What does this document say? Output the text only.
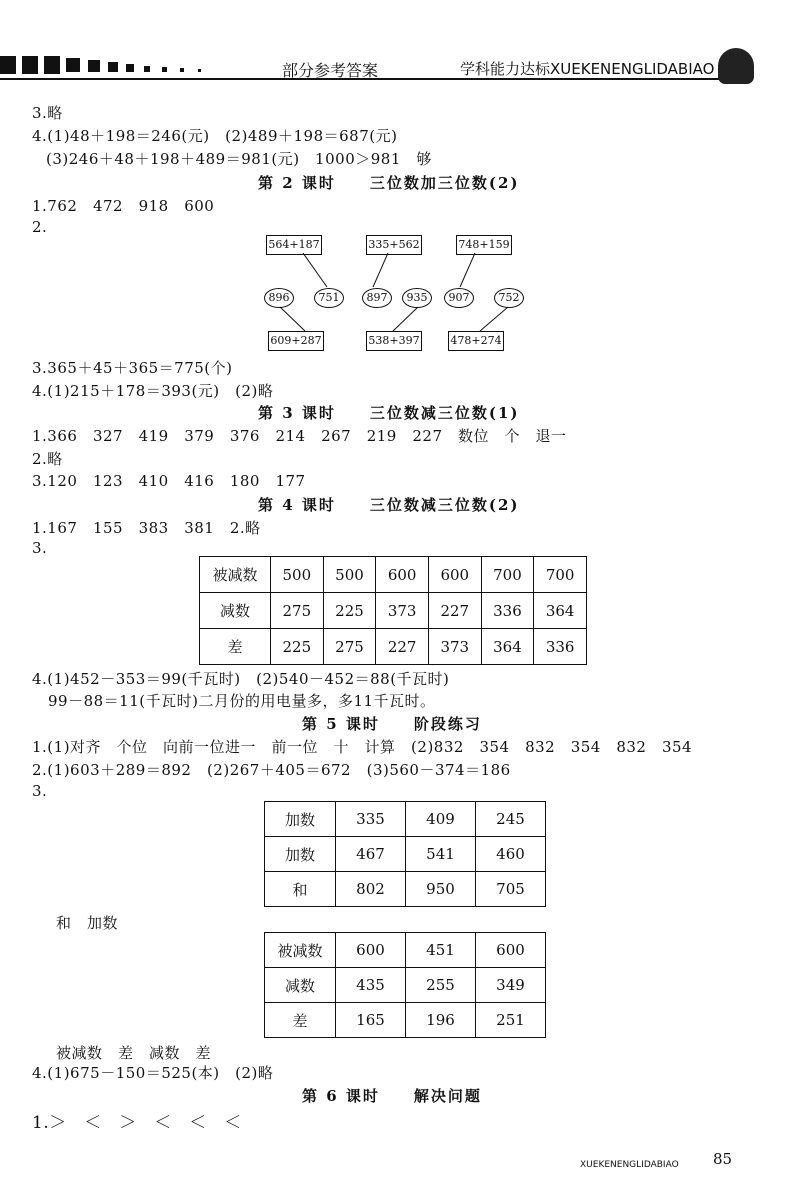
部分参考答案	学科能力达标XUEKENENGLIDABIAO
3.略
4.(1)48＋198＝246(元)　(2)489＋198＝687(元)
(3)246＋48＋198＋489＝981(元)　1000＞981　够
第 2 课时　　三位数加三位数(2)
1.762　472　918　600
2.
564+187	335+562	748+159
896	751	897	935	907	752
609+287	538+397	478+274
3.365＋45＋365＝775(个)
4.(1)215＋178＝393(元)　(2)略
第 3 课时　　三位数减三位数(1)
1.366　327　419　379　376　214　267　219　227　数位　个　退一
2.略
3.120　123　410　416　180　177
第 4 课时　　三位数减三位数(2)
1.167　155　383　381　2.略
3.
被减数	500	500	600	600	700	700
减数	275	225	373	227	336	364
差	225	275	227	373	364	336
4.(1)452－353＝99(千瓦时)　(2)540－452＝88(千瓦时)
99－88＝11(千瓦时)二月份的用电量多，多11千瓦时。
第 5 课时　　阶段练习
1.(1)对齐　个位　向前一位进一　前一位　十　计算　(2)832　354　832　354　832　354
2.(1)603＋289＝892　(2)267＋405＝672　(3)560－374＝186
3.
加数	335	409	245
加数	467	541	460
和	802	950	705
和　加数
被减数	600	451	600
减数	435	255	349
差	165	196	251
被减数　差　减数　差
4.(1)675－150＝525(本)　(2)略
第 6 课时　　解决问题
1.＞　＜　＞　＜　＜　＜
XUEKENENGLIDABIAO 85
